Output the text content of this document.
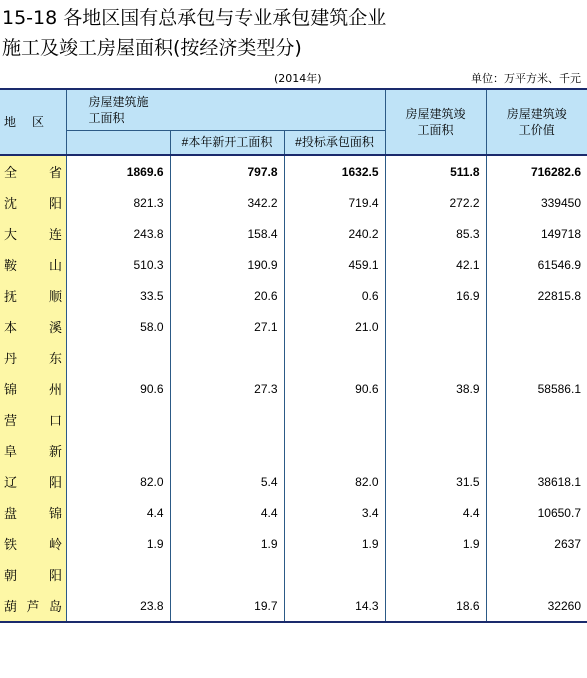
15-18 各地区国有总承包与专业承包建筑企业
施工及竣工房屋面积(按经济类型分)
(2014年)	单位：万平方米、千元
地　区	房屋建筑施工面积			房屋建筑竣工面积	房屋建筑竣工价值

		#本年新开工面积	#投标承包面积		
全省	1869.6	797.8	1632.5	511.8	716282.6
沈阳	821.3	342.2	719.4	272.2	339450
大连	243.8	158.4	240.2	85.3	149718
鞍山	510.3	190.9	459.1	42.1	61546.9
抚顺	33.5	20.6	0.6	16.9	22815.8
本溪	58.0	27.1	21.0		
丹东					
锦州	90.6	27.3	90.6	38.9	58586.1
营口					
阜新					
辽阳	82.0	5.4	82.0	31.5	38618.1
盘锦	4.4	4.4	3.4	4.4	10650.7
铁岭	1.9	1.9	1.9	1.9	2637
朝阳					
葫芦岛	23.8	19.7	14.3	18.6	32260
